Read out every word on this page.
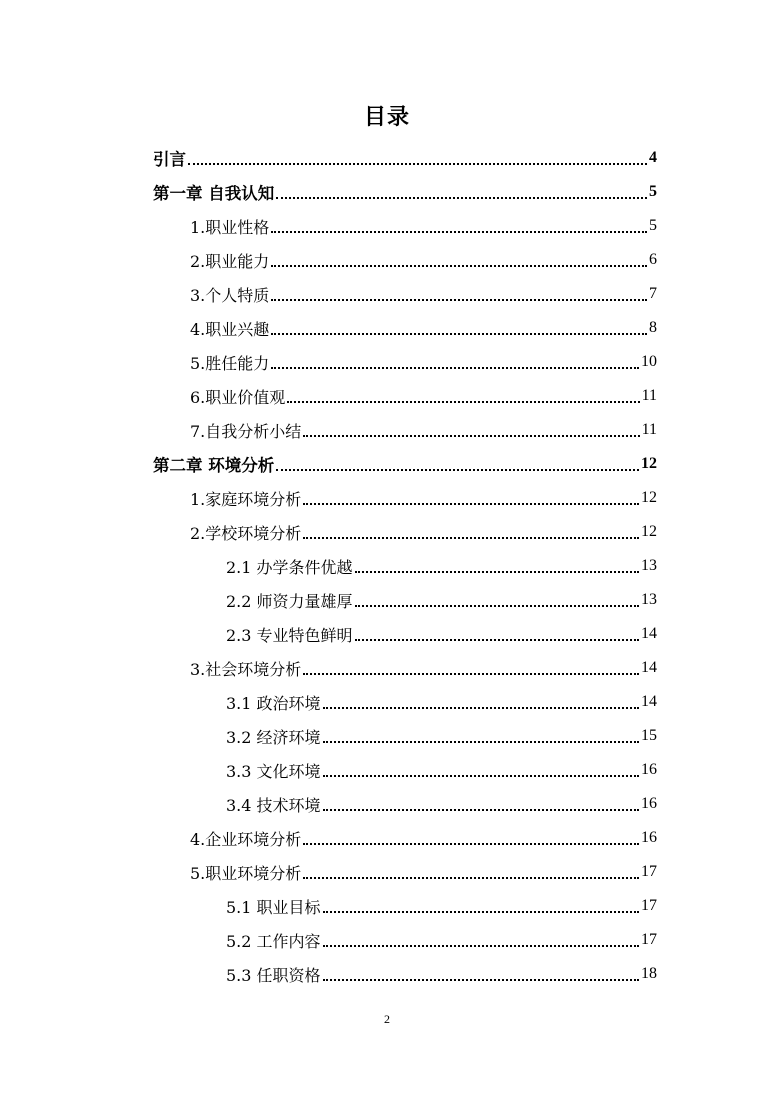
目录
引言	4
第一章 自我认知	5
1.职业性格	5
2.职业能力	6
3.个人特质	7
4.职业兴趣	8
5.胜任能力	10
6.职业价值观	11
7.自我分析小结	11
第二章 环境分析	12
1.家庭环境分析	12
2.学校环境分析	12
2.1 办学条件优越	13
2.2 师资力量雄厚	13
2.3 专业特色鲜明	14
3.社会环境分析	14
3.1 政治环境	14
3.2 经济环境	15
3.3 文化环境	16
3.4 技术环境	16
4.企业环境分析	16
5.职业环境分析	17
5.1 职业目标	17
5.2 工作内容	17
5.3 任职资格	18
2
